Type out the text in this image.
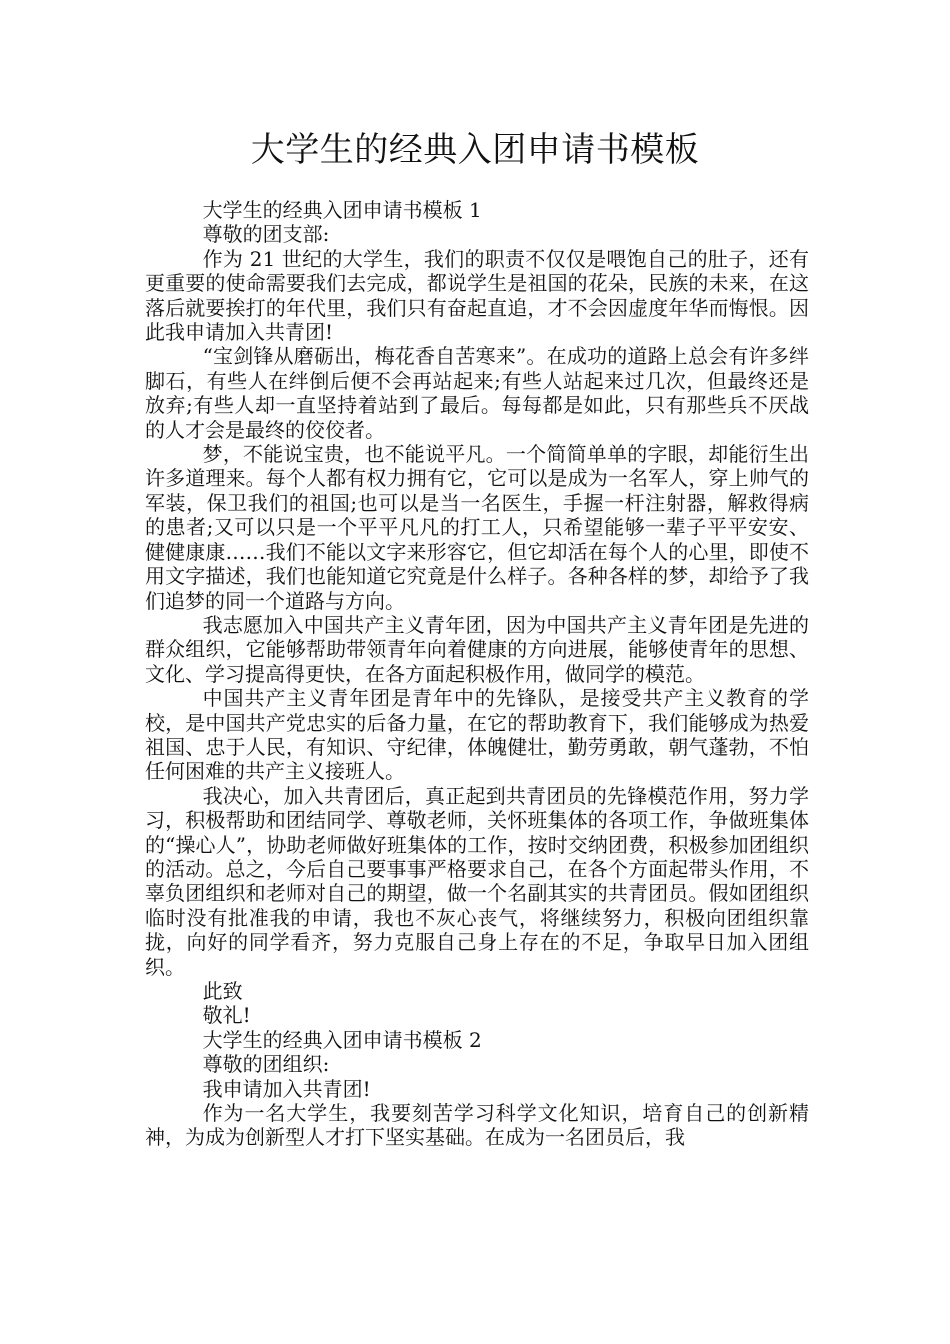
大学生的经典入团申请书模板

大学生的经典入团申请书模板 1

尊敬的团支部:

作为 21 世纪的大学生，我们的职责不仅仅是喂饱自己的肚子，还有更重要的使命需要我们去完成，都说学生是祖国的花朵，民族的未来，在这落后就要挨打的年代里，我们只有奋起直追，才不会因虚度年华而悔恨。因此我申请加入共青团!

“宝剑锋从磨砺出，梅花香自苦寒来”。在成功的道路上总会有许多绊脚石，有些人在绊倒后便不会再站起来;有些人站起来过几次，但最终还是放弃;有些人却一直坚持着站到了最后。每每都是如此，只有那些兵不厌战的人才会是最终的佼佼者。

梦，不能说宝贵，也不能说平凡。一个简简单单的字眼，却能衍生出许多道理来。每个人都有权力拥有它，它可以是成为一名军人，穿上帅气的军装，保卫我们的祖国;也可以是当一名医生，手握一杆注射器，解救得病的患者;又可以只是一个平平凡凡的打工人，只希望能够一辈子平平安安、健健康康……我们不能以文字来形容它，但它却活在每个人的心里，即使不用文字描述，我们也能知道它究竟是什么样子。各种各样的梦，却给予了我们追梦的同一个道路与方向。

我志愿加入中国共产主义青年团，因为中国共产主义青年团是先进的群众组织，它能够帮助带领青年向着健康的方向进展，能够使青年的思想、文化、学习提高得更快，在各方面起积极作用，做同学的模范。

中国共产主义青年团是青年中的先锋队，是接受共产主义教育的学校，是中国共产党忠实的后备力量，在它的帮助教育下，我们能够成为热爱祖国、忠于人民，有知识、守纪律，体魄健壮，勤劳勇敢，朝气蓬勃，不怕任何困难的共产主义接班人。

我决心，加入共青团后，真正起到共青团员的先锋模范作用，努力学习，积极帮助和团结同学、尊敬老师，关怀班集体的各项工作，争做班集体的“操心人”，协助老师做好班集体的工作，按时交纳团费，积极参加团组织的活动。总之，今后自己要事事严格要求自己，在各个方面起带头作用，不辜负团组织和老师对自己的期望，做一个名副其实的共青团员。假如团组织临时没有批准我的申请，我也不灰心丧气，将继续努力，积极向团组织靠拢，向好的同学看齐，努力克服自己身上存在的不足，争取早日加入团组织。

此致

敬礼!

大学生的经典入团申请书模板 2

尊敬的团组织:

我申请加入共青团!

作为一名大学生，我要刻苦学习科学文化知识，培育自己的创新精神，为成为创新型人才打下坚实基础。在成为一名团员后，我
